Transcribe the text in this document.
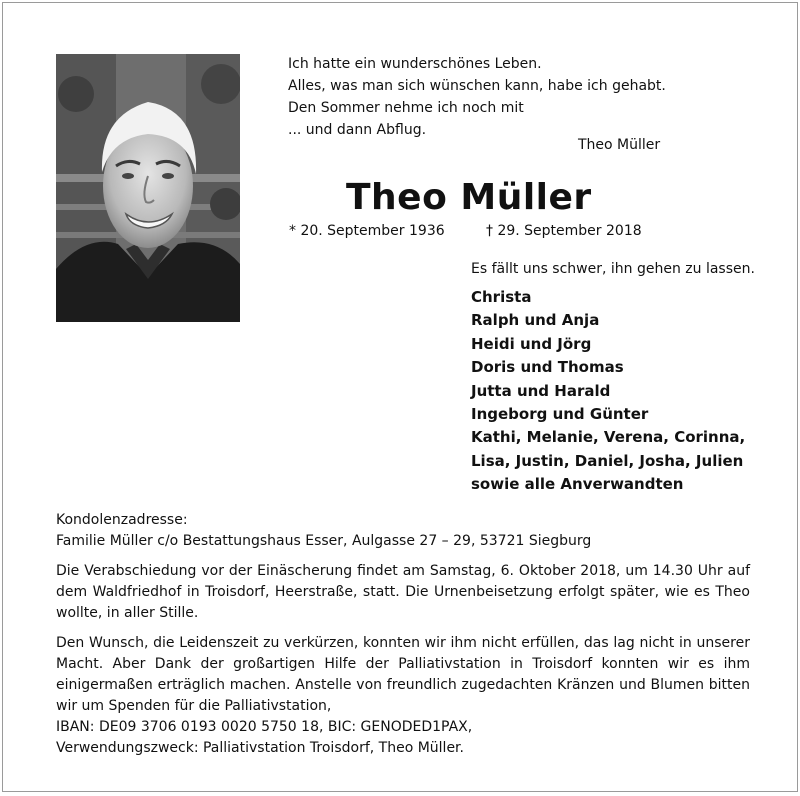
Ich hatte ein wunderschönes Leben.
Alles, was man sich wünschen kann, habe ich gehabt.
Den Sommer nehme ich noch mit
... und dann Abflug.
Theo Müller
Theo Müller
* 20. September 1936	† 29. September 2018
Es fällt uns schwer, ihn gehen zu lassen.
Christa
Ralph und Anja
Heidi und Jörg
Doris und Thomas
Jutta und Harald
Ingeborg und Günter
Kathi, Melanie, Verena, Corinna,
Lisa, Justin, Daniel, Josha, Julien
sowie alle Anverwandten
Kondolenzadresse:
Familie Müller c/o Bestattungshaus Esser, Aulgasse 27 – 29, 53721 Siegburg
Die Verabschiedung vor der Einäscherung findet am Samstag, 6. Oktober 2018, um 14.30 Uhr auf dem Waldfriedhof in Troisdorf, Heerstraße, statt. Die Urnenbeisetzung erfolgt später, wie es Theo wollte, in aller Stille.
Den Wunsch, die Leidenszeit zu verkürzen, konnten wir ihm nicht erfüllen, das lag nicht in unserer Macht. Aber Dank der großartigen Hilfe der Palliativstation in Troisdorf konnten wir es ihm einigermaßen erträglich machen. Anstelle von freundlich zugedachten Kränzen und Blumen bitten wir um Spenden für die Palliativstation,
IBAN: DE09 3706 0193 0020 5750 18, BIC: GENODED1PAX,
Verwendungszweck: Palliativstation Troisdorf, Theo Müller.
